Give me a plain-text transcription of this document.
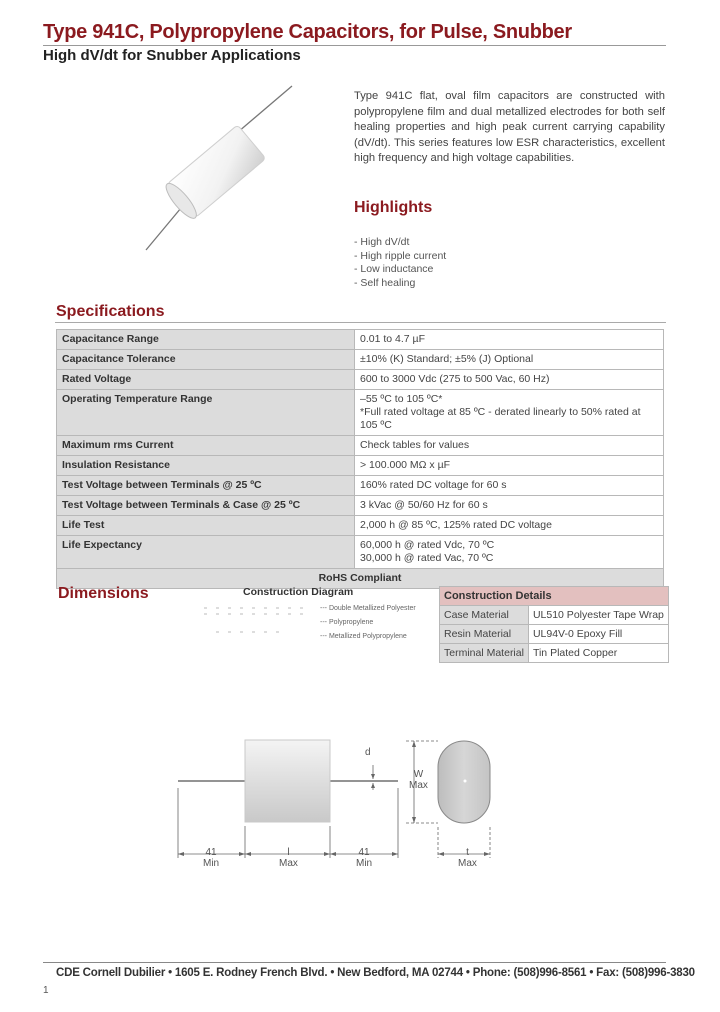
Type 941C, Polypropylene Capacitors, for Pulse, Snubber
High dV/dt for Snubber Applications
Type 941C flat, oval film capacitors are constructed with polypropylene film and dual metallized electrodes for both self healing properties and high peak current carrying capability (dV/dt). This series features low ESR characteristics, excellent high frequency and high voltage capabilities.
Highlights
- High dV/dt
- High ripple current
- Low inductance
- Self healing
Specifications
Capacitance Range	0.01 to 4.7 µF
Capacitance Tolerance	±10% (K) Standard; ±5% (J) Optional
Rated Voltage	600 to 3000 Vdc (275 to 500 Vac, 60 Hz)
Operating Temperature Range	–55 ºC to 105 ºC*
*Full rated voltage at 85 ºC - derated linearly to 50% rated at 105 ºC

Maximum rms Current	Check tables for values
Insulation Resistance	> 100.000 MΩ x µF
Test Voltage between Terminals @ 25 ºC	160% rated DC voltage for 60 s
Test Voltage between Terminals & Case @ 25 ºC	3 kVac @ 50/60 Hz for 60 s
Life Test	2,000 h @ 85 ºC, 125% rated DC voltage
Life Expectancy	60,000 h @ rated Vdc, 70 ºC
30,000 h @ rated Vac, 70 ºC

RoHS Compliant	
Dimensions	Construction Diagram
--- Double Metallized Polyester
--- Polypropylene
--- Metallized Polypropylene
Construction Details	
Case Material	UL510 Polyester Tape Wrap
Resin Material	UL94V-0 Epoxy Fill
Terminal Material	Tin Plated Copper
41
Min
l
Max
41
Min
d
W
Max
t
Max
CDE Cornell Dubilier • 1605 E. Rodney French Blvd. • New Bedford, MA 02744 • Phone: (508)996-8561 • Fax: (508)996-3830
1
